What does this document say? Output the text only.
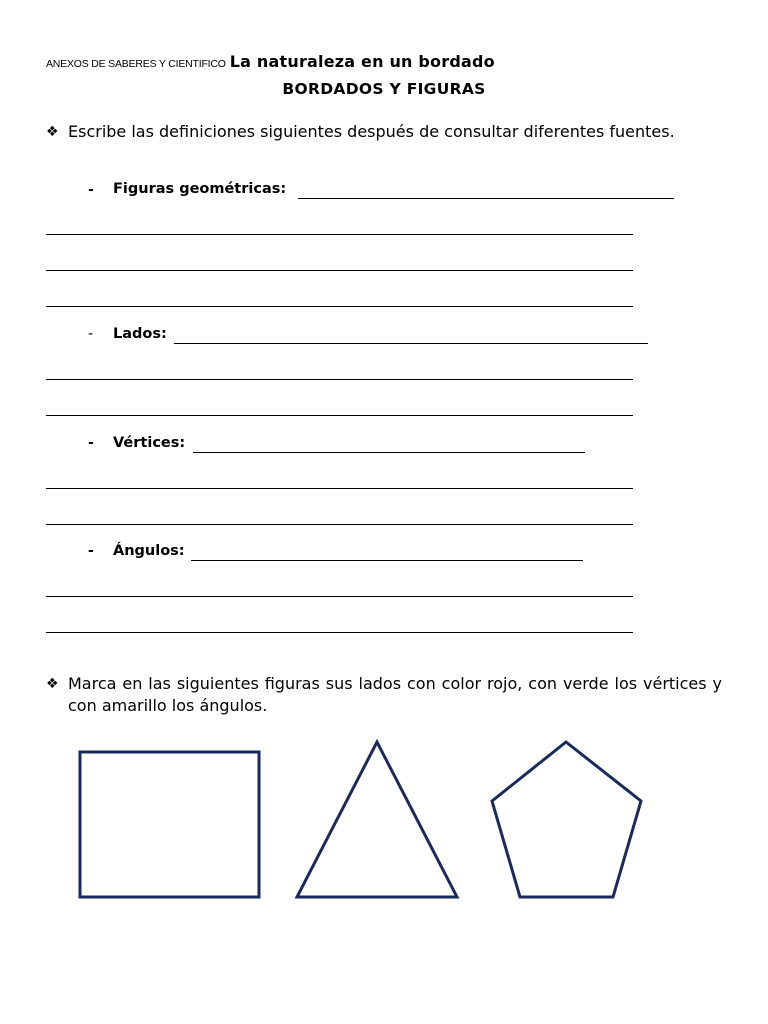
ANEXOS DE SABERES Y CIENTIFICO La naturaleza en un bordado
BORDADOS Y FIGURAS
❖ Escribe las definiciones siguientes después de consultar diferentes fuentes.
- Figuras geométricas:
- Lados:
- Vértices:
- Ángulos:
❖ Marca en las siguientes figuras sus lados con color rojo, con verde los vértices y con amarillo los ángulos.
